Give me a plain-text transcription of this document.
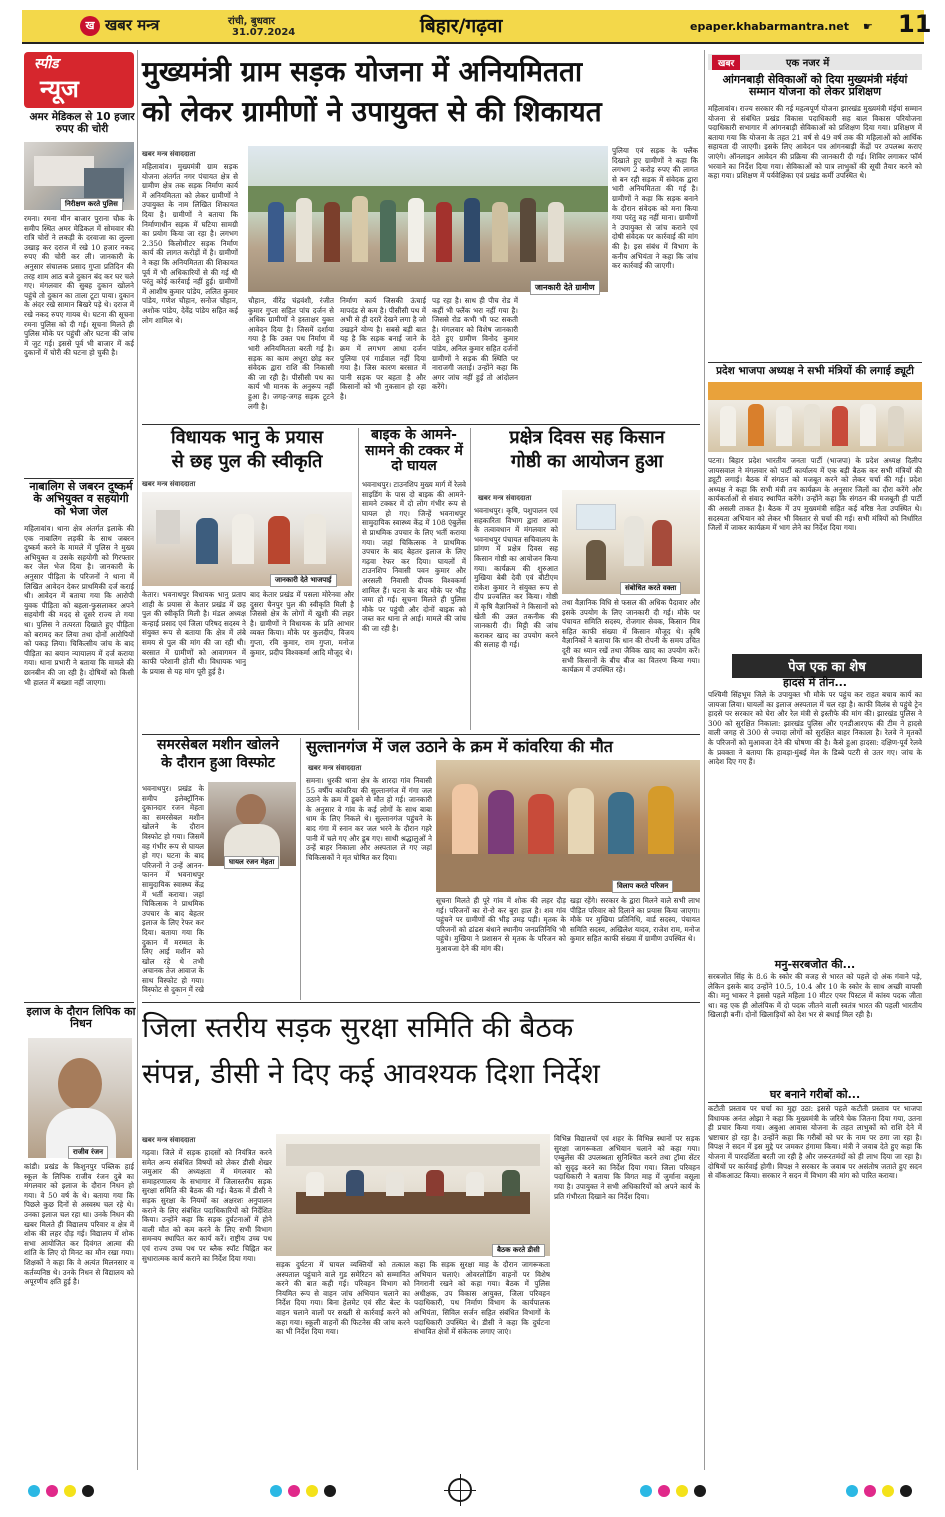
ख खबर मन्त्र	रांची, बुधवार
31.07.2024	बिहार/गढ़वा	epaper.khabarmantra.net ☛ 11
स्पीड
न्यूज
अमर मेडिकल से 10 हजार रुपए की चोरी
निरीक्षण करते पुलिस
रमना। रमना मीन बाजार पुराना चौक के समीप स्थित अमर मेडिकल में सोमवार की रात्रि चोरों ने लकड़ी के दरवाजा का लुल्ला उखाड़ कर दराज में रखे 10 हजार नकद रुपए की चोरी कर ली। जानकारी के अनुसार संचालक प्रसाद गुप्ता प्रतिदिन की तरह शाम आठ बजे दुकान बंद कर घर चले गए। मंगलवार की सुबह दुकान खोलने पहुंचे तो दुकान का ताला टूटा पाया। दुकान के अंदर रखे सामान बिखरे पड़े थे। दराज में रखे नकद रुपए गायब थे। घटना की सूचना रमना पुलिस को दी गई। सूचना मिलते ही पुलिस मौके पर पहुंची और घटना की जांच में जुट गई। इससे पूर्व भी बाजार में कई दुकानों में चोरी की घटना हो चुकी है।
नाबालिग से जबरन दुष्कर्म के अभियुक्त व सहयोगी को भेजा जेल
महिलावांव। थाना क्षेत्र अंतर्गत इलाके की एक नाबालिग लड़की के साथ जबरन दुष्कर्म करने के मामले में पुलिस ने मुख्य अभियुक्त व उसके सहयोगी को गिरफ्तार कर जेल भेज दिया है। जानकारी के अनुसार पीड़िता के परिजनों ने थाना में लिखित आवेदन देकर प्राथमिकी दर्ज कराई थी। आवेदन में बताया गया कि आरोपी युवक पीड़िता को बहला-फुसलाकर अपने सहयोगी की मदद से दूसरे राज्य ले गया था। पुलिस ने तत्परता दिखाते हुए पीड़िता को बरामद कर लिया तथा दोनों आरोपियों को पकड़ लिया। चिकित्सीय जांच के बाद पीड़िता का बयान न्यायालय में दर्ज कराया गया। थाना प्रभारी ने बताया कि मामले की छानबीन की जा रही है। दोषियों को किसी भी हालत में बख्शा नहीं जाएगा।
इलाज के दौरान लिपिक का निधन
राजीव रंजन
कांडी। प्रखंड के किशुनपुर पब्लिक हाई स्कूल के लिपिक राजीव रंजन दुबे का मंगलवार को इलाज के दौरान निधन हो गया। वे 50 वर्ष के थे। बताया गया कि पिछले कुछ दिनों से अस्वस्थ चल रहे थे। उनका इलाज चल रहा था। उनके निधन की खबर मिलते ही विद्यालय परिवार व क्षेत्र में शोक की लहर दौड़ गई। विद्यालय में शोक सभा आयोजित कर दिवंगत आत्मा की शांति के लिए दो मिनट का मौन रखा गया। शिक्षकों ने कहा कि वे अत्यंत मिलनसार व कर्तव्यनिष्ठ थे। उनके निधन से विद्यालय को अपूरणीय क्षति हुई है।
मुख्यमंत्री ग्राम सड़क योजना में अनियमितता
को लेकर ग्रामीणों ने उपायुक्त से की शिकायत
खबर मन्त्र संवाददाता
महिलावांव। मुख्यमंत्री ग्राम सड़क योजना अंतर्गत नगर पंचायत क्षेत्र से ग्रामीण क्षेत्र तक सड़क निर्माण कार्य में अनियमितता को लेकर ग्रामीणों ने उपायुक्त के नाम लिखित शिकायत दिया है। ग्रामीणों ने बताया कि निर्माणाधीन सड़क में घटिया सामग्री का प्रयोग किया जा रहा है। लगभग 2.350 किलोमीटर सड़क निर्माण कार्य की लागत करोड़ों में है। ग्रामीणों ने कहा कि अनियमितता की शिकायत पूर्व में भी अधिकारियों से की गई थी परंतु कोई कार्रवाई नहीं हुई। ग्रामीणों में आशीष कुमार पांडेय, ललित कुमार पांडेय, गणेश चौहान, सनोज चौहान, अशोक पांडेय, देवेंद्र पांडेय सहित कई लोग शामिल थे।
जानकारी देते ग्रामीण
चौहान, वीरेंद्र चंद्रवंशी, रंजीत कुमार गुप्ता सहित पांच दर्जन से अधिक ग्रामीणों ने हस्ताक्षर युक्त आवेदन दिया है। जिसमें दर्शाया गया है कि उक्त पथ निर्माण में भारी अनियमितता बरती गई है। सड़क का काम अधूरा छोड़ कर संवेदक द्वारा राशि की निकासी की जा रही है। पीसीसी पथ का कार्य भी मानक के अनुरूप नहीं हुआ है। जगह-जगह सड़क टूटने लगी है।
निर्माण कार्य जिसकी ऊंचाई मापदंड से कम है। पीसीसी पथ में अभी से ही दरारें देखने लगा है जो उखड़ने योग्य है। सबसे बड़ी बात यह है कि सड़क बनाई जाने के क्रम में लगभग आधा दर्जन पुलिया एवं गार्डवाल नहीं दिया गया है। जिस कारण बरसात में पानी सड़क पर बहता है और किसानों को भी नुकसान हो रहा है।
पड़ रहा है। साथ ही पीच रोड में कहीं भी फ्लैंक भरा नहीं गया है। जिससे रोड कभी भी फट सकती है। मंगलवार को विशेष जानकारी देते हुए ग्रामीण विनोद कुमार पांडेय, अनिल कुमार सहित दर्जनों ग्रामीणों ने सड़क की स्थिति पर नाराजगी जताई। उन्होंने कहा कि अगर जांच नहीं हुई तो आंदोलन करेंगे।
पुलिया एवं सड़क के फ्लैंक दिखाते हुए ग्रामीणों ने कहा कि लगभग 2 करोड़ रुपए की लागत से बन रही सड़क में संवेदक द्वारा भारी अनियमितता की गई है। ग्रामीणों ने कहा कि सड़क बनाने के दौरान संवेदक को मना किया गया परंतु वह नहीं माना। ग्रामीणों ने उपायुक्त से जांच कराने एवं दोषी संवेदक पर कार्रवाई की मांग की है। इस संबंध में विभाग के कनीय अभियंता ने कहा कि जांच कर कार्रवाई की जाएगी।
विधायक भानु के प्रयास
से छह पुल की स्वीकृति
खबर मन्त्र संवाददाता
जानकारी देते भाजपाई
केतार। भवनाथपुर विधायक भानु प्रताप शाही के प्रयास से केतार प्रखंड में छह पुल की स्वीकृति मिली है। मंडल अध्यक्ष कन्हाई प्रसाद एवं जिला परिषद सदस्य ने संयुक्त रूप से बताया कि क्षेत्र में लंबे समय से पुल की मांग की जा रही थी। बरसात में ग्रामीणों को आवागमन में काफी परेशानी होती थी। विधायक भानु के प्रयास से यह मांग पूरी हुई है।
बाद केतार प्रखंड में पसला मोरेनवा और दुसरा चैनपुर पुल की स्वीकृति मिली है जिससे क्षेत्र के लोगों में खुशी की लहर है। ग्रामीणों ने विधायक के प्रति आभार व्यक्त किया। मौके पर कुलदीप, विजय गुप्ता, रवि कुमार, राम गुप्ता, मनोज कुमार, प्रदीप विश्वकर्मा आदि मौजूद थे।
बाइक के आमने-सामने की टक्कर में दो घायल
भवनाथपुर। टाउनशिप मुख्य मार्ग में रेलवे साइडिंग के पास दो बाइक की आमने-सामने टक्कर में दो लोग गंभीर रूप से घायल हो गए। जिन्हें भवनाथपुर सामुदायिक स्वास्थ्य केंद्र में 108 एंबुलेंस से प्राथमिक उपचार के लिए भर्ती कराया गया। जहां चिकित्सक ने प्राथमिक उपचार के बाद बेहतर इलाज के लिए गढ़वा रेफर कर दिया। घायलों में टाउनशिप निवासी पवन कुमार और अरसली निवासी दीपक विश्वकर्मा शामिल हैं। घटना के बाद मौके पर भीड़ जमा हो गई। सूचना मिलते ही पुलिस मौके पर पहुंची और दोनों बाइक को जब्त कर थाना ले आई। मामले की जांच की जा रही है।
प्रक्षेत्र दिवस सह किसान
गोष्ठी का आयोजन हुआ
खबर मन्त्र संवाददाता
भवनाथपुर। कृषि, पशुपालन एवं सहकारिता विभाग द्वारा आत्मा के तत्वावधान में मंगलवार को भवनाथपुर पंचायत सचिवालय के प्रांगण में प्रक्षेत्र दिवस सह किसान गोष्ठी का आयोजन किया गया। कार्यक्रम की शुरुआत मुखिया बेबी देवी एवं बीटीएम राकेश कुमार ने संयुक्त रूप से दीप प्रज्वलित कर किया। गोष्ठी में कृषि वैज्ञानिकों ने किसानों को खेती की उन्नत तकनीक की जानकारी दी। मिट्टी की जांच कराकर खाद का उपयोग करने की सलाह दी गई।
संबोधित करते वक्ता
तथा वैज्ञानिक विधि से फसल की अधिक पैदावार और इसके उपयोग के लिए जानकारी दी गई। मौके पर पंचायत समिति सदस्य, रोजगार सेवक, किसान मित्र सहित काफी संख्या में किसान मौजूद थे। कृषि वैज्ञानिकों ने बताया कि धान की रोपनी के समय उचित दूरी का ध्यान रखें तथा जैविक खाद का उपयोग करें। सभी किसानों के बीच बीज का वितरण किया गया। कार्यक्रम में उपस्थित रहे।
समरसेबल मशीन खोलने
के दौरान हुआ विस्फोट
घायल रजन मेहता
भवनाथपुर। प्रखंड के समीप इलेक्ट्रॉनिक दुकानदार रजन मेहता का समरसेबल मशीन खोलने के दौरान विस्फोट हो गया। जिसमें वह गंभीर रूप से घायल हो गए। घटना के बाद परिजनों ने उन्हें आनन-फानन में भवनाथपुर सामुदायिक स्वास्थ्य केंद्र में भर्ती कराया। जहां चिकित्सक ने प्राथमिक उपचार के बाद बेहतर इलाज के लिए रेफर कर दिया। बताया गया कि दुकान में मरम्मत के लिए आई मशीन को खोल रहे थे तभी अचानक तेज आवाज के साथ विस्फोट हो गया। विस्फोट से दुकान में रखे
सुल्तानगंज में जल उठाने के क्रम में कांवरिया की मौत
खबर मन्त्र संवाददाता
समना। धुरकी थाना क्षेत्र के शारदा गांव निवासी 55 वर्षीय कांवरिया की सुल्तानगंज में गंगा जल उठाने के क्रम में डूबने से मौत हो गई। जानकारी के अनुसार वे गांव के कई लोगों के साथ बाबा धाम के लिए निकले थे। सुल्तानगंज पहुंचने के बाद गंगा में स्नान कर जल भरने के दौरान गहरे पानी में चले गए और डूब गए। साथी श्रद्धालुओं ने उन्हें बाहर निकाला और अस्पताल ले गए जहां चिकित्सकों ने मृत घोषित कर दिया।
विलाप करते परिजन
सूचना मिलते ही पूरे गांव में शोक की लहर दौड़ गई। परिजनों का रो-रो कर बुरा हाल है। शव गांव पहुंचने पर ग्रामीणों की भीड़ उमड़ पड़ी। मृतक के परिजनों को ढांढस बंधाने स्थानीय जनप्रतिनिधि भी पहुंचे। मुखिया ने प्रशासन से मृतक के परिजन को मुआवजा देने की मांग की।
खड़ा रहेंगे। सरकार के द्वारा मिलने वाले सभी लाभ पीड़ित परिवार को दिलाने का प्रयास किया जाएगा। मौके पर मुखिया प्रतिनिधि, वार्ड सदस्य, पंचायत समिति सदस्य, अखिलेश यादव, राजेश राम, मनोज कुमार सहित काफी संख्या में ग्रामीण उपस्थित थे।
जिला स्तरीय सड़क सुरक्षा समिति की बैठक
संपन्न, डीसी ने दिए कई आवश्यक दिशा निर्देश
खबर मन्त्र संवाददाता
गढ़वा। जिले में सड़क हादसों को नियंत्रित करने समेत अन्य संबंधित विषयों को लेकर डीसी शेखर जमुआर की अध्यक्षता में मंगलवार को समाहरणालय के सभागार में जिलास्तरीय सड़क सुरक्षा समिति की बैठक की गई। बैठक में डीसी ने सड़क सुरक्षा के नियमों का अक्षरशः अनुपालन कराने के लिए संबंधित पदाधिकारियों को निर्देशित किया। उन्होंने कहा कि सड़क दुर्घटनाओं में होने वाली मौत को कम करने के लिए सभी विभाग समन्वय स्थापित कर कार्य करें। राष्ट्रीय उच्च पथ एवं राज्य उच्च पथ पर ब्लैक स्पॉट चिह्नित कर सुधारात्मक कार्य कराने का निर्देश दिया गया।
बैठक करते डीसी
सड़क दुर्घटना में घायल व्यक्तियों को तत्काल अस्पताल पहुंचाने वाले गुड समेरिटन को सम्मानित करने की बात कही गई। परिवहन विभाग को नियमित रूप से वाहन जांच अभियान चलाने का निर्देश दिया गया। बिना हेलमेट एवं सीट बेल्ट के वाहन चलाने वालों पर सख्ती से कार्रवाई करने को कहा गया। स्कूली वाहनों की फिटनेस की जांच करने का भी निर्देश दिया गया।
कहा कि सड़क सुरक्षा माह के दौरान जागरूकता अभियान चलाएं। ओवरलोडिंग वाहनों पर विशेष निगरानी रखने को कहा गया। बैठक में पुलिस अधीक्षक, उप विकास आयुक्त, जिला परिवहन पदाधिकारी, पथ निर्माण विभाग के कार्यपालक अभियंता, सिविल सर्जन सहित संबंधित विभागों के पदाधिकारी उपस्थित थे। डीसी ने कहा कि दुर्घटना संभावित क्षेत्रों में संकेतक लगाए जाएं।
विभिन्न विद्यालयों एवं शहर के विभिन्न स्थानों पर सड़क सुरक्षा जागरूकता अभियान चलाने को कहा गया। एम्बुलेंस की उपलब्धता सुनिश्चित करने तथा ट्रॉमा सेंटर को सुदृढ़ करने का निर्देश दिया गया। जिला परिवहन पदाधिकारी ने बताया कि विगत माह में जुर्माना वसूला गया है। उपायुक्त ने सभी अधिकारियों को अपने कार्य के प्रति गंभीरता दिखाने का निर्देश दिया।
खबर	एक नजर में
आंगनबाड़ी सेविकाओं को दिया मुख्यमंत्री मंईयां सम्मान योजना को लेकर प्रशिक्षण
महिलावांव। राज्य सरकार की नई महत्वपूर्ण योजना झारखंड मुख्यमंत्री मंईयां सम्मान योजना से संबंधित प्रखंड विकास पदाधिकारी सह बाल विकास परियोजना पदाधिकारी सभागार में आंगनबाड़ी सेविकाओं को प्रशिक्षण दिया गया। प्रशिक्षण में बताया गया कि योजना के तहत 21 वर्ष से 49 वर्ष तक की महिलाओं को आर्थिक सहायता दी जाएगी। इसके लिए आवेदन पत्र आंगनबाड़ी केंद्रों पर उपलब्ध कराए जाएंगे। ऑनलाइन आवेदन की प्रक्रिया की जानकारी दी गई। शिविर लगाकर फॉर्म भरवाने का निर्देश दिया गया। सेविकाओं को पात्र लाभुकों की सूची तैयार करने को कहा गया। प्रशिक्षण में पर्यवेक्षिका एवं प्रखंड कर्मी उपस्थित थे।
प्रदेश भाजपा अध्यक्ष ने सभी मंत्रियों की लगाई ड्यूटी
पटना। बिहार प्रदेश भारतीय जनता पार्टी (भाजपा) के प्रदेश अध्यक्ष दिलीप जायसवाल ने मंगलवार को पार्टी कार्यालय में एक बड़ी बैठक कर सभी मंत्रियों की ड्यूटी लगाई। बैठक में संगठन को मजबूत करने को लेकर चर्चा की गई। प्रदेश अध्यक्ष ने कहा कि सभी मंत्री तय कार्यक्रम के अनुसार जिलों का दौरा करेंगे और कार्यकर्ताओं से संवाद स्थापित करेंगे। उन्होंने कहा कि संगठन की मजबूती ही पार्टी की असली ताकत है। बैठक में उप मुख्यमंत्री सहित कई वरिष्ठ नेता उपस्थित थे। सदस्यता अभियान को लेकर भी विस्तार से चर्चा की गई। सभी मंत्रियों को निर्धारित जिलों में जाकर कार्यक्रम में भाग लेने का निर्देश दिया गया।
पेज एक का शेष
हादसे में तीन...
पश्चिमी सिंहभूम जिले के उपायुक्त भी मौके पर पहुंच कर राहत बचाव कार्य का जायजा लिया। घायलों का इलाज अस्पताल में चल रहा है। काफी विलंब से पहुंचे ट्रेन हादसे पर सरकार को घेरा और रेल मंत्री से इस्तीफे की मांग की। झारखंड पुलिस ने 300 को सुरक्षित निकाला: झारखंड पुलिस और एनडीआरएफ की टीम ने हादसे वाली जगह से 300 से ज्यादा लोगों को सुरक्षित बाहर निकाला है। रेलवे ने मृतकों के परिजनों को मुआवजा देने की घोषणा की है। कैसे हुआ हादसा: दक्षिण-पूर्व रेलवे के प्रवक्ता ने बताया कि हावड़ा-मुंबई मेल के डिब्बे पटरी से उतर गए। जांच के आदेश दिए गए हैं।
मनु-सरबजोत की...
सरबजोत सिंह के 8.6 के स्कोर की वजह से भारत को पहले दो अंक गंवाने पड़े, लेकिन इसके बाद उन्होंने 10.5, 10.4 और 10 के स्कोर के साथ अच्छी वापसी की। मनु भाकर ने इससे पहले महिला 10 मीटर एयर पिस्टल में कांस्य पदक जीता था। वह एक ही ओलंपिक में दो पदक जीतने वाली स्वतंत्र भारत की पहली भारतीय खिलाड़ी बनीं। दोनों खिलाड़ियों को देश भर से बधाई मिल रही है।
घर बनाने गरीबों को...
कटौती प्रस्ताव पर चर्चा का मुद्दा उठा: इससे पहले कटौती प्रस्ताव पर भाजपा विधायक अनंत ओझा ने कहा कि मुख्यमंत्री के जरिये चेक जितना दिया गया, उतना ही प्रचार किया गया। अबुआ आवास योजना के तहत लाभुकों को राशि देने में भ्रष्टाचार हो रहा है। उन्होंने कहा कि गरीबों को घर के नाम पर ठगा जा रहा है। विपक्ष ने सदन में इस मुद्दे पर जमकर हंगामा किया। मंत्री ने जवाब देते हुए कहा कि योजना में पारदर्शिता बरती जा रही है और जरूरतमंदों को ही लाभ दिया जा रहा है। दोषियों पर कार्रवाई होगी। विपक्ष ने सरकार के जवाब पर असंतोष जताते हुए सदन से वॉकआउट किया। सरकार ने सदन में विभाग की मांग को पारित कराया।
